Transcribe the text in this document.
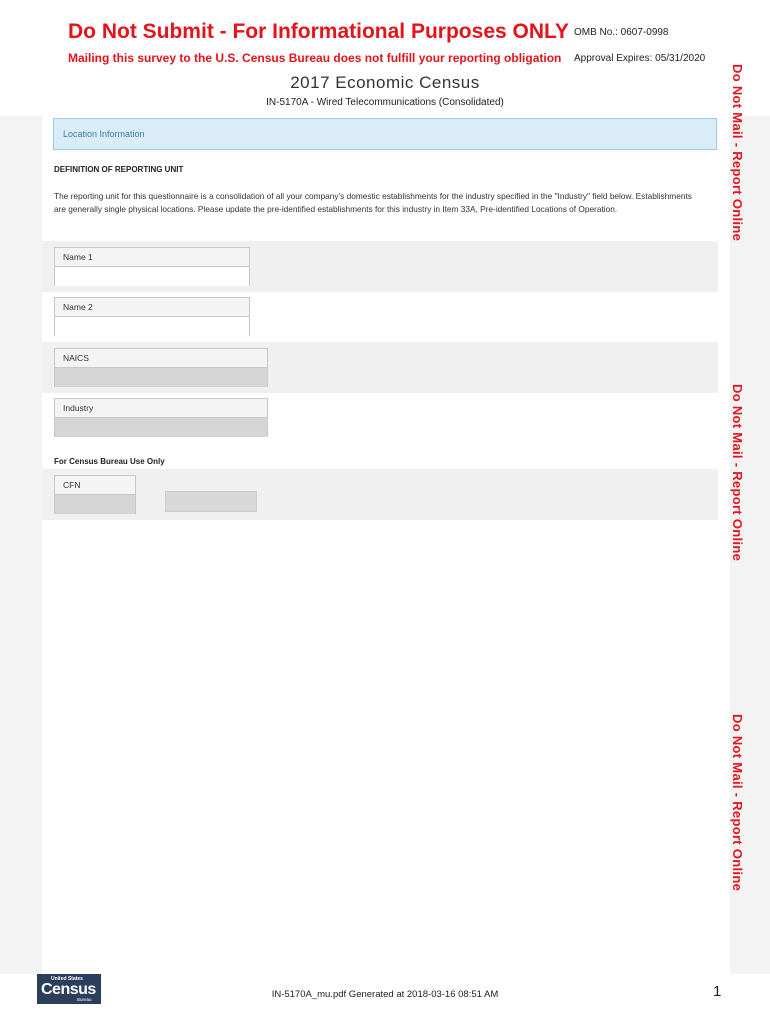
Do Not Submit - For Informational Purposes ONLY
Mailing this survey to the U.S. Census Bureau does not fulfill your reporting obligation
OMB No.: 0607-0998
Approval Expires: 05/31/2020
2017 Economic Census
IN-5170A - Wired Telecommunications (Consolidated)	Do Not Mail - Report Online
Do Not Mail - Report Online
Do Not Mail - Report Online
Location Information
DEFINITION OF REPORTING UNIT
The reporting unit for this questionnaire is a consolidation of all your company's domestic establishments for the industry specified in the "Industry" field below. Establishments are generally single physical locations. Please update the pre-identified establishments for this industry in Item 33A, Pre-identified Locations of Operation.
Name 1
Name 2
NAICS
Industry
For Census Bureau Use Only
CFN
United States
Census
Bureau	IN-5170A_mu.pdf Generated at 2018-03-16 08:51 AM	1
